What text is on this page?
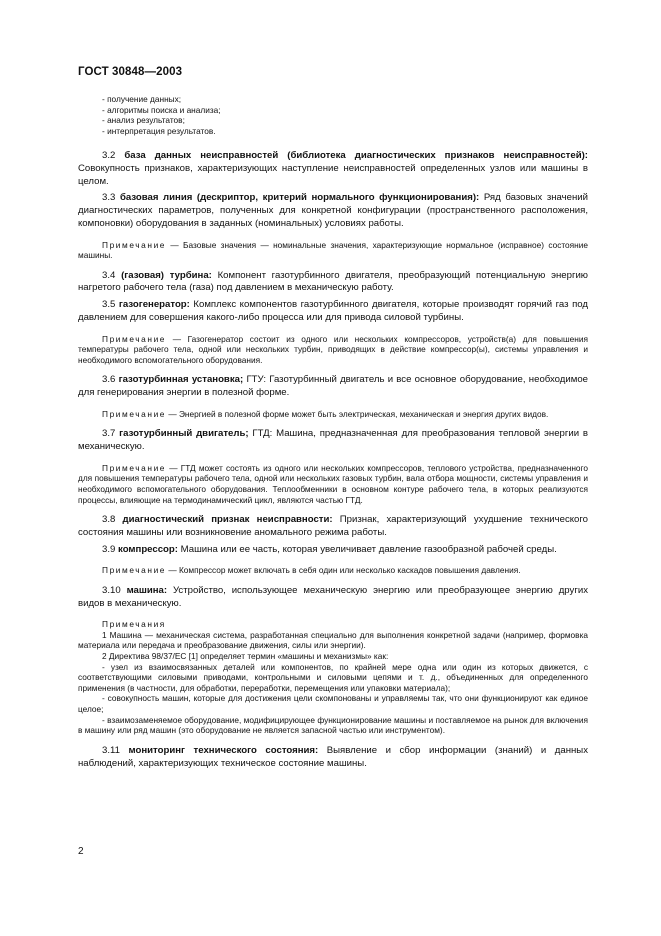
ГОСТ 30848—2003

- получение данных;

- алгоритмы поиска и анализа;

- анализ результатов;

- интерпретация результатов.

3.2 база данных неисправностей (библиотека диагностических признаков неисправностей): Совокупность признаков, характеризующих наступление неисправностей определенных узлов или машины в целом.

3.3 базовая линия (дескриптор, критерий нормального функционирования): Ряд базовых значений диагностических параметров, полученных для конкретной конфигурации (пространственного расположения, компоновки) оборудования в заданных (номинальных) условиях работы.

Примечание — Базовые значения — номинальные значения, характеризующие нормальное (исправное) состояние машины.

3.4 (газовая) турбина: Компонент газотурбинного двигателя, преобразующий потенциальную энергию нагретого рабочего тела (газа) под давлением в механическую работу.

3.5 газогенератор: Комплекс компонентов газотурбинного двигателя, которые производят горячий газ под давлением для совершения какого-либо процесса или для привода силовой турбины.

Примечание — Газогенератор состоит из одного или нескольких компрессоров, устройств(а) для повышения температуры рабочего тела, одной или нескольких турбин, приводящих в действие компрессор(ы), системы управления и необходимого вспомогательного оборудования.

3.6 газотурбинная установка; ГТУ: Газотурбинный двигатель и все основное оборудование, необходимое для генерирования энергии в полезной форме.

Примечание — Энергией в полезной форме может быть электрическая, механическая и энергия других видов.

3.7 газотурбинный двигатель; ГТД: Машина, предназначенная для преобразования тепловой энергии в механическую.

Примечание — ГТД может состоять из одного или нескольких компрессоров, теплового устройства, предназначенного для повышения температуры рабочего тела, одной или нескольких газовых турбин, вала отбора мощности, системы управления и необходимого вспомогательного оборудования. Теплообменники в основном контуре рабочего тела, в которых реализуются процессы, влияющие на термодинамический цикл, являются частью ГТД.

3.8 диагностический признак неисправности: Признак, характеризующий ухудшение технического состояния машины или возникновение аномального режима работы.

3.9 компрессор: Машина или ее часть, которая увеличивает давление газообразной рабочей среды.

Примечание — Компрессор может включать в себя один или несколько каскадов повышения давления.

3.10 машина: Устройство, использующее механическую энергию или преобразующее энергию других видов в механическую.

Примечания

1 Машина — механическая система, разработанная специально для выполнения конкретной задачи (например, формовка материала или передача и преобразование движения, силы или энергии).

2 Директива 98/37/ЕС [1] определяет термин «машины и механизмы» как:

- узел из взаимосвязанных деталей или компонентов, по крайней мере одна или один из которых движется, с соответствующими силовыми приводами, контрольными и силовыми цепями и т. д., объединенных для определенного применения (в частности, для обработки, переработки, перемещения или упаковки материала);

- совокупность машин, которые для достижения цели скомпонованы и управляемы так, что они функционируют как единое целое;

- взаимозаменяемое оборудование, модифицирующее функционирование машины и поставляемое на рынок для включения в машину или ряд машин (это оборудование не является запасной частью или инструментом).

3.11 мониторинг технического состояния: Выявление и сбор информации (знаний) и данных наблюдений, характеризующих техническое состояние машины.

2
